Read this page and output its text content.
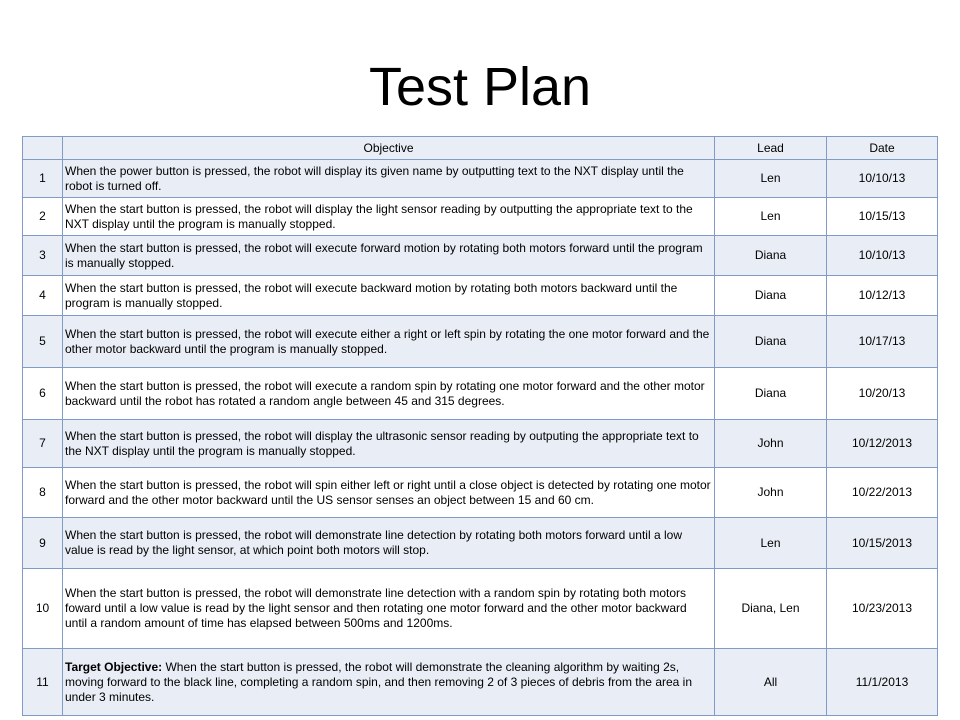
Test Plan
	Objective	Lead	Date
1	When the power button is pressed, the robot will display its given name by outputting text to the NXT display until the robot is turned off.	Len	10/10/13
2	When the start button is pressed, the robot will display the light sensor reading by outputting the appropriate text to the NXT display until the program is manually stopped.	Len	10/15/13
3	When the start button is pressed, the robot will execute forward motion by rotating both motors forward until the program is manually stopped.	Diana	10/10/13
4	When the start button is pressed, the robot will execute backward motion by rotating both motors backward until the program is manually stopped.	Diana	10/12/13
5	When the start button is pressed, the robot will execute either a right or left spin by rotating the one motor forward and the other motor backward until the program is manually stopped.	Diana	10/17/13
6	When the start button is pressed, the robot will execute a random spin by rotating one motor forward and the other motor backward until the robot has rotated a random angle between 45 and 315 degrees.	Diana	10/20/13
7	When the start button is pressed, the robot will display the ultrasonic sensor reading by outputing the appropriate text to the NXT display until the program is manually stopped.	John	10/12/2013
8	When the start button is pressed, the robot will spin either left or right until a close object is detected by rotating one motor forward and the other motor backward until the US sensor senses an object between 15 and 60 cm.	John	10/22/2013
9	When the start button is pressed, the robot will demonstrate line detection by rotating both motors forward until a low value is read by the light sensor, at which point both motors will stop.	Len	10/15/2013
10	When the start button is pressed, the robot will demonstrate line detection with a random spin by rotating both motors foward until a low value is read by the light sensor and then rotating one motor forward and the other motor backward until a random amount of time has elapsed between 500ms and 1200ms.	Diana, Len	10/23/2013
11	Target Objective: When the start button is pressed, the robot will demonstrate the cleaning algorithm by waiting 2s, moving forward to the black line, completing a random spin, and then removing 2 of 3 pieces of debris from the area in under 3 minutes.	All	11/1/2013
